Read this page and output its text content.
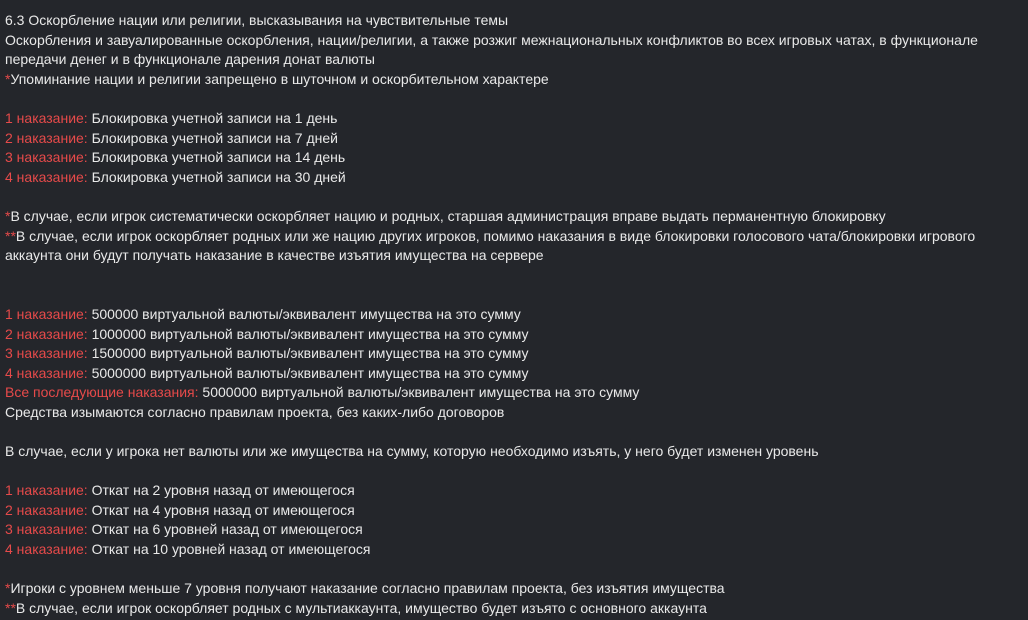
6.3 Оскорбление нации или религии, высказывания на чувствительные темы
Оскорбления и завуалированные оскорбления, нации/религии, а также розжиг межнациональных конфликтов во всех игровых чатах, в функционале
передачи денег и в функционале дарения донат валюты
*Упоминание нации и религии запрещено в шуточном и оскорбительном характере
1 наказание: Блокировка учетной записи на 1 день
2 наказание: Блокировка учетной записи на 7 дней
3 наказание: Блокировка учетной записи на 14 день
4 наказание: Блокировка учетной записи на 30 дней
*В случае, если игрок систематически оскорбляет нацию и родных, старшая администрация вправе выдать перманентную блокировку
**В случае, если игрок оскорбляет родных или же нацию других игроков, помимо наказания в виде блокировки голосового чата/блокировки игрового
аккаунта они будут получать наказание в качестве изъятия имущества на сервере
1 наказание: 500000 виртуальной валюты/эквивалент имущества на это сумму
2 наказание: 1000000 виртуальной валюты/эквивалент имущества на это сумму
3 наказание: 1500000 виртуальной валюты/эквивалент имущества на это сумму
4 наказание: 5000000 виртуальной валюты/эквивалент имущества на это сумму
Все последующие наказания: 5000000 виртуальной валюты/эквивалент имущества на это сумму
Средства изымаются согласно правилам проекта, без каких-либо договоров
В случае, если у игрока нет валюты или же имущества на сумму, которую необходимо изъять, у него будет изменен уровень
1 наказание: Откат на 2 уровня назад от имеющегося
2 наказание: Откат на 4 уровня назад от имеющегося
3 наказание: Откат на 6 уровней назад от имеющегося
4 наказание: Откат на 10 уровней назад от имеющегося
*Игроки с уровнем меньше 7 уровня получают наказание согласно правилам проекта, без изъятия имущества
**В случае, если игрок оскорбляет родных с мультиаккаунта, имущество будет изъято с основного аккаунта
